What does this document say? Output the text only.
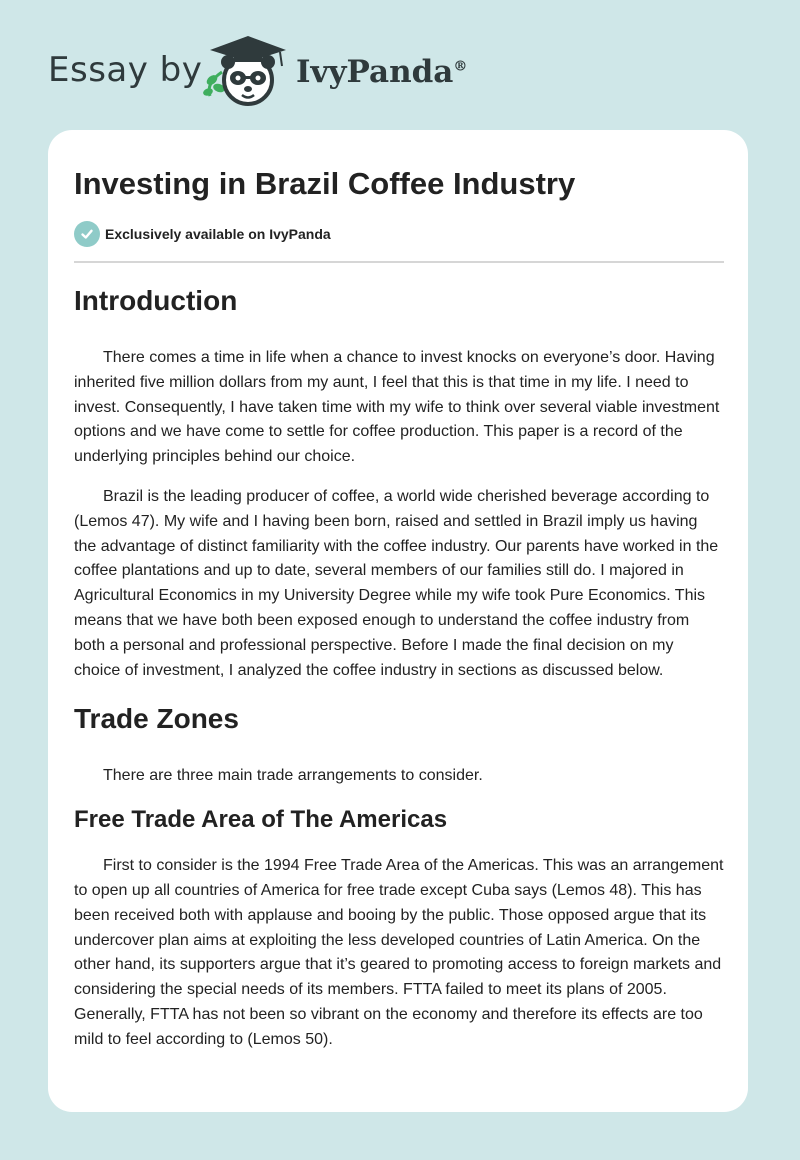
Essay by	IvyPanda®
Investing in Brazil Coffee Industry
Exclusively available on IvyPanda
Introduction

There comes a time in life when a chance to invest knocks on everyone’s door. Having inherited five million dollars from my aunt, I feel that this is that time in my life. I need to invest. Consequently, I have taken time with my wife to think over several viable investment options and we have come to settle for coffee production. This paper is a record of the underlying principles behind our choice.

Brazil is the leading producer of coffee, a world wide cherished beverage according to (Lemos 47). My wife and I having been born, raised and settled in Brazil imply us having the advantage of distinct familiarity with the coffee industry. Our parents have worked in the coffee plantations and up to date, several members of our families still do. I majored in Agricultural Economics in my University Degree while my wife took Pure Economics. This means that we have both been exposed enough to understand the coffee industry from both a personal and professional perspective. Before I made the final decision on my choice of investment, I analyzed the coffee industry in sections as discussed below.

Trade Zones

There are three main trade arrangements to consider.

Free Trade Area of The Americas

First to consider is the 1994 Free Trade Area of the Americas. This was an arrangement to open up all countries of America for free trade except Cuba says (Lemos 48). This has been received both with applause and booing by the public. Those opposed argue that its undercover plan aims at exploiting the less developed countries of Latin America. On the other hand, its supporters argue that it’s geared to promoting access to foreign markets and considering the special needs of its members. FTTA failed to meet its plans of 2005. Generally, FTTA has not been so vibrant on the economy and therefore its effects are too mild to feel according to (Lemos 50).
